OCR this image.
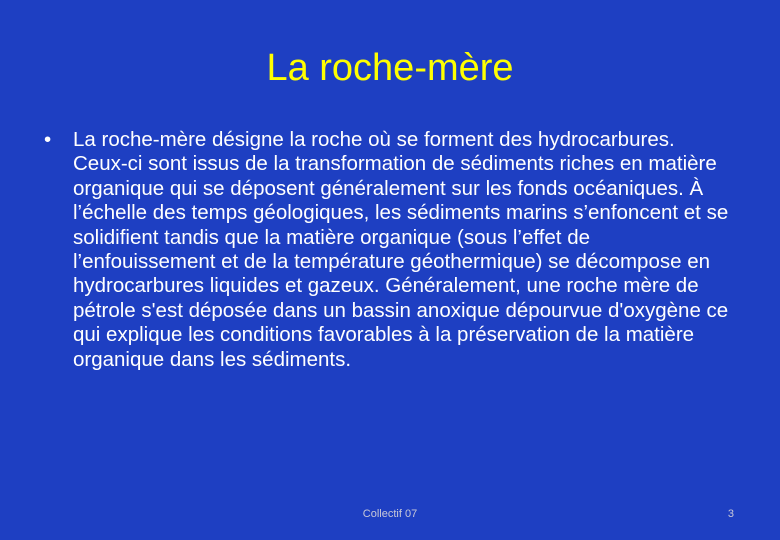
La roche-mère
•	La roche-mère désigne la roche où se forment des hydrocarbures. Ceux-ci sont issus de la transformation de sédiments riches en matière organique qui se déposent généralement sur les fonds océaniques. À l’échelle des temps géologiques, les sédiments marins s’enfoncent et se solidifient tandis que la matière organique (sous l’effet de l’enfouissement et de la température géothermique) se décompose en hydrocarbures liquides et gazeux. Généralement, une roche mère de pétrole s'est déposée dans un bassin anoxique dépourvue d'oxygène ce qui explique les conditions favorables à la préservation de la matière organique dans les sédiments.
Collectif 07	3
